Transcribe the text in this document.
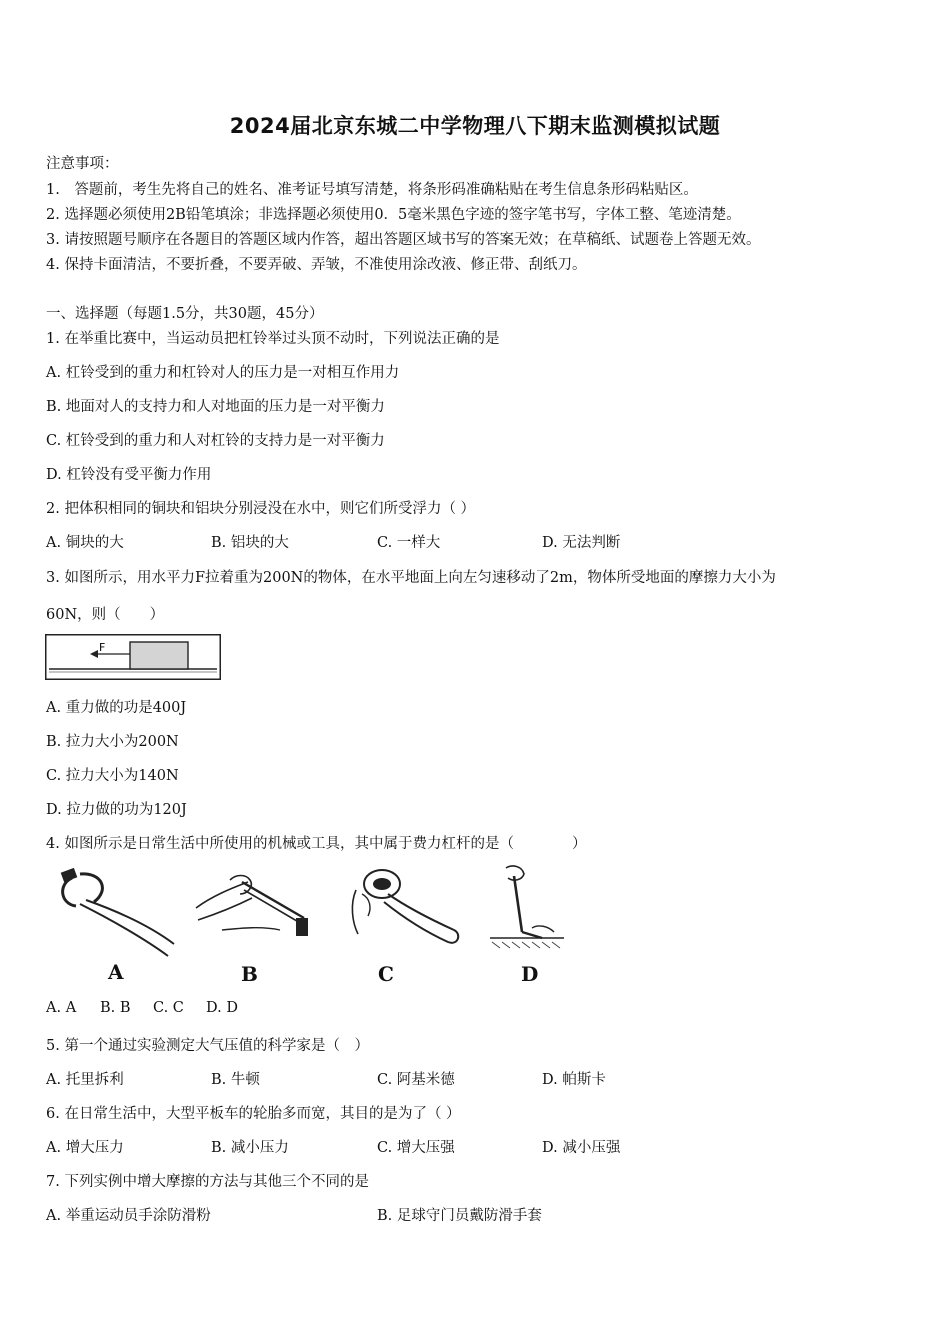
2024届北京东城二中学物理八下期末监测模拟试题
注意事项：
1.　答题前，考生先将自己的姓名、准考证号填写清楚，将条形码准确粘贴在考生信息条形码粘贴区。
2. 选择题必须使用2B铅笔填涂；非选择题必须使用0．5毫米黑色字迹的签字笔书写，字体工整、笔迹清楚。
3. 请按照题号顺序在各题目的答题区域内作答，超出答题区域书写的答案无效；在草稿纸、试题卷上答题无效。
4. 保持卡面清洁，不要折叠，不要弄破、弄皱，不准使用涂改液、修正带、刮纸刀。
一、选择题（每题1.5分，共30题，45分）
1. 在举重比赛中，当运动员把杠铃举过头顶不动时，下列说法正确的是
A. 杠铃受到的重力和杠铃对人的压力是一对相互作用力
B. 地面对人的支持力和人对地面的压力是一对平衡力
C. 杠铃受到的重力和人对杠铃的支持力是一对平衡力
D. 杠铃没有受平衡力作用
2. 把体积相同的铜块和铝块分别浸没在水中，则它们所受浮力（ ）
A. 铜块的大	B. 铝块的大	C. 一样大	D. 无法判断
3. 如图所示，用水平力F拉着重为200N的物体，在水平地面上向左匀速移动了2m，物体所受地面的摩擦力大小为
60N，则（　　）
F
A. 重力做的功是400J
B. 拉力大小为200N
C. 拉力大小为140N
D. 拉力做的功为120J
4. 如图所示是日常生活中所使用的机械或工具，其中属于费力杠杆的是（　　　　）
A	B	C	D
A. A B. B C. C D. D
5. 第一个通过实验测定大气压值的科学家是（　）
A. 托里拆利	B. 牛顿	C. 阿基米德	D. 帕斯卡
6. 在日常生活中，大型平板车的轮胎多而宽，其目的是为了（ ）
A. 增大压力	B. 减小压力	C. 增大压强	D. 减小压强
7. 下列实例中增大摩擦的方法与其他三个不同的是
A. 举重运动员手涂防滑粉	B. 足球守门员戴防滑手套
